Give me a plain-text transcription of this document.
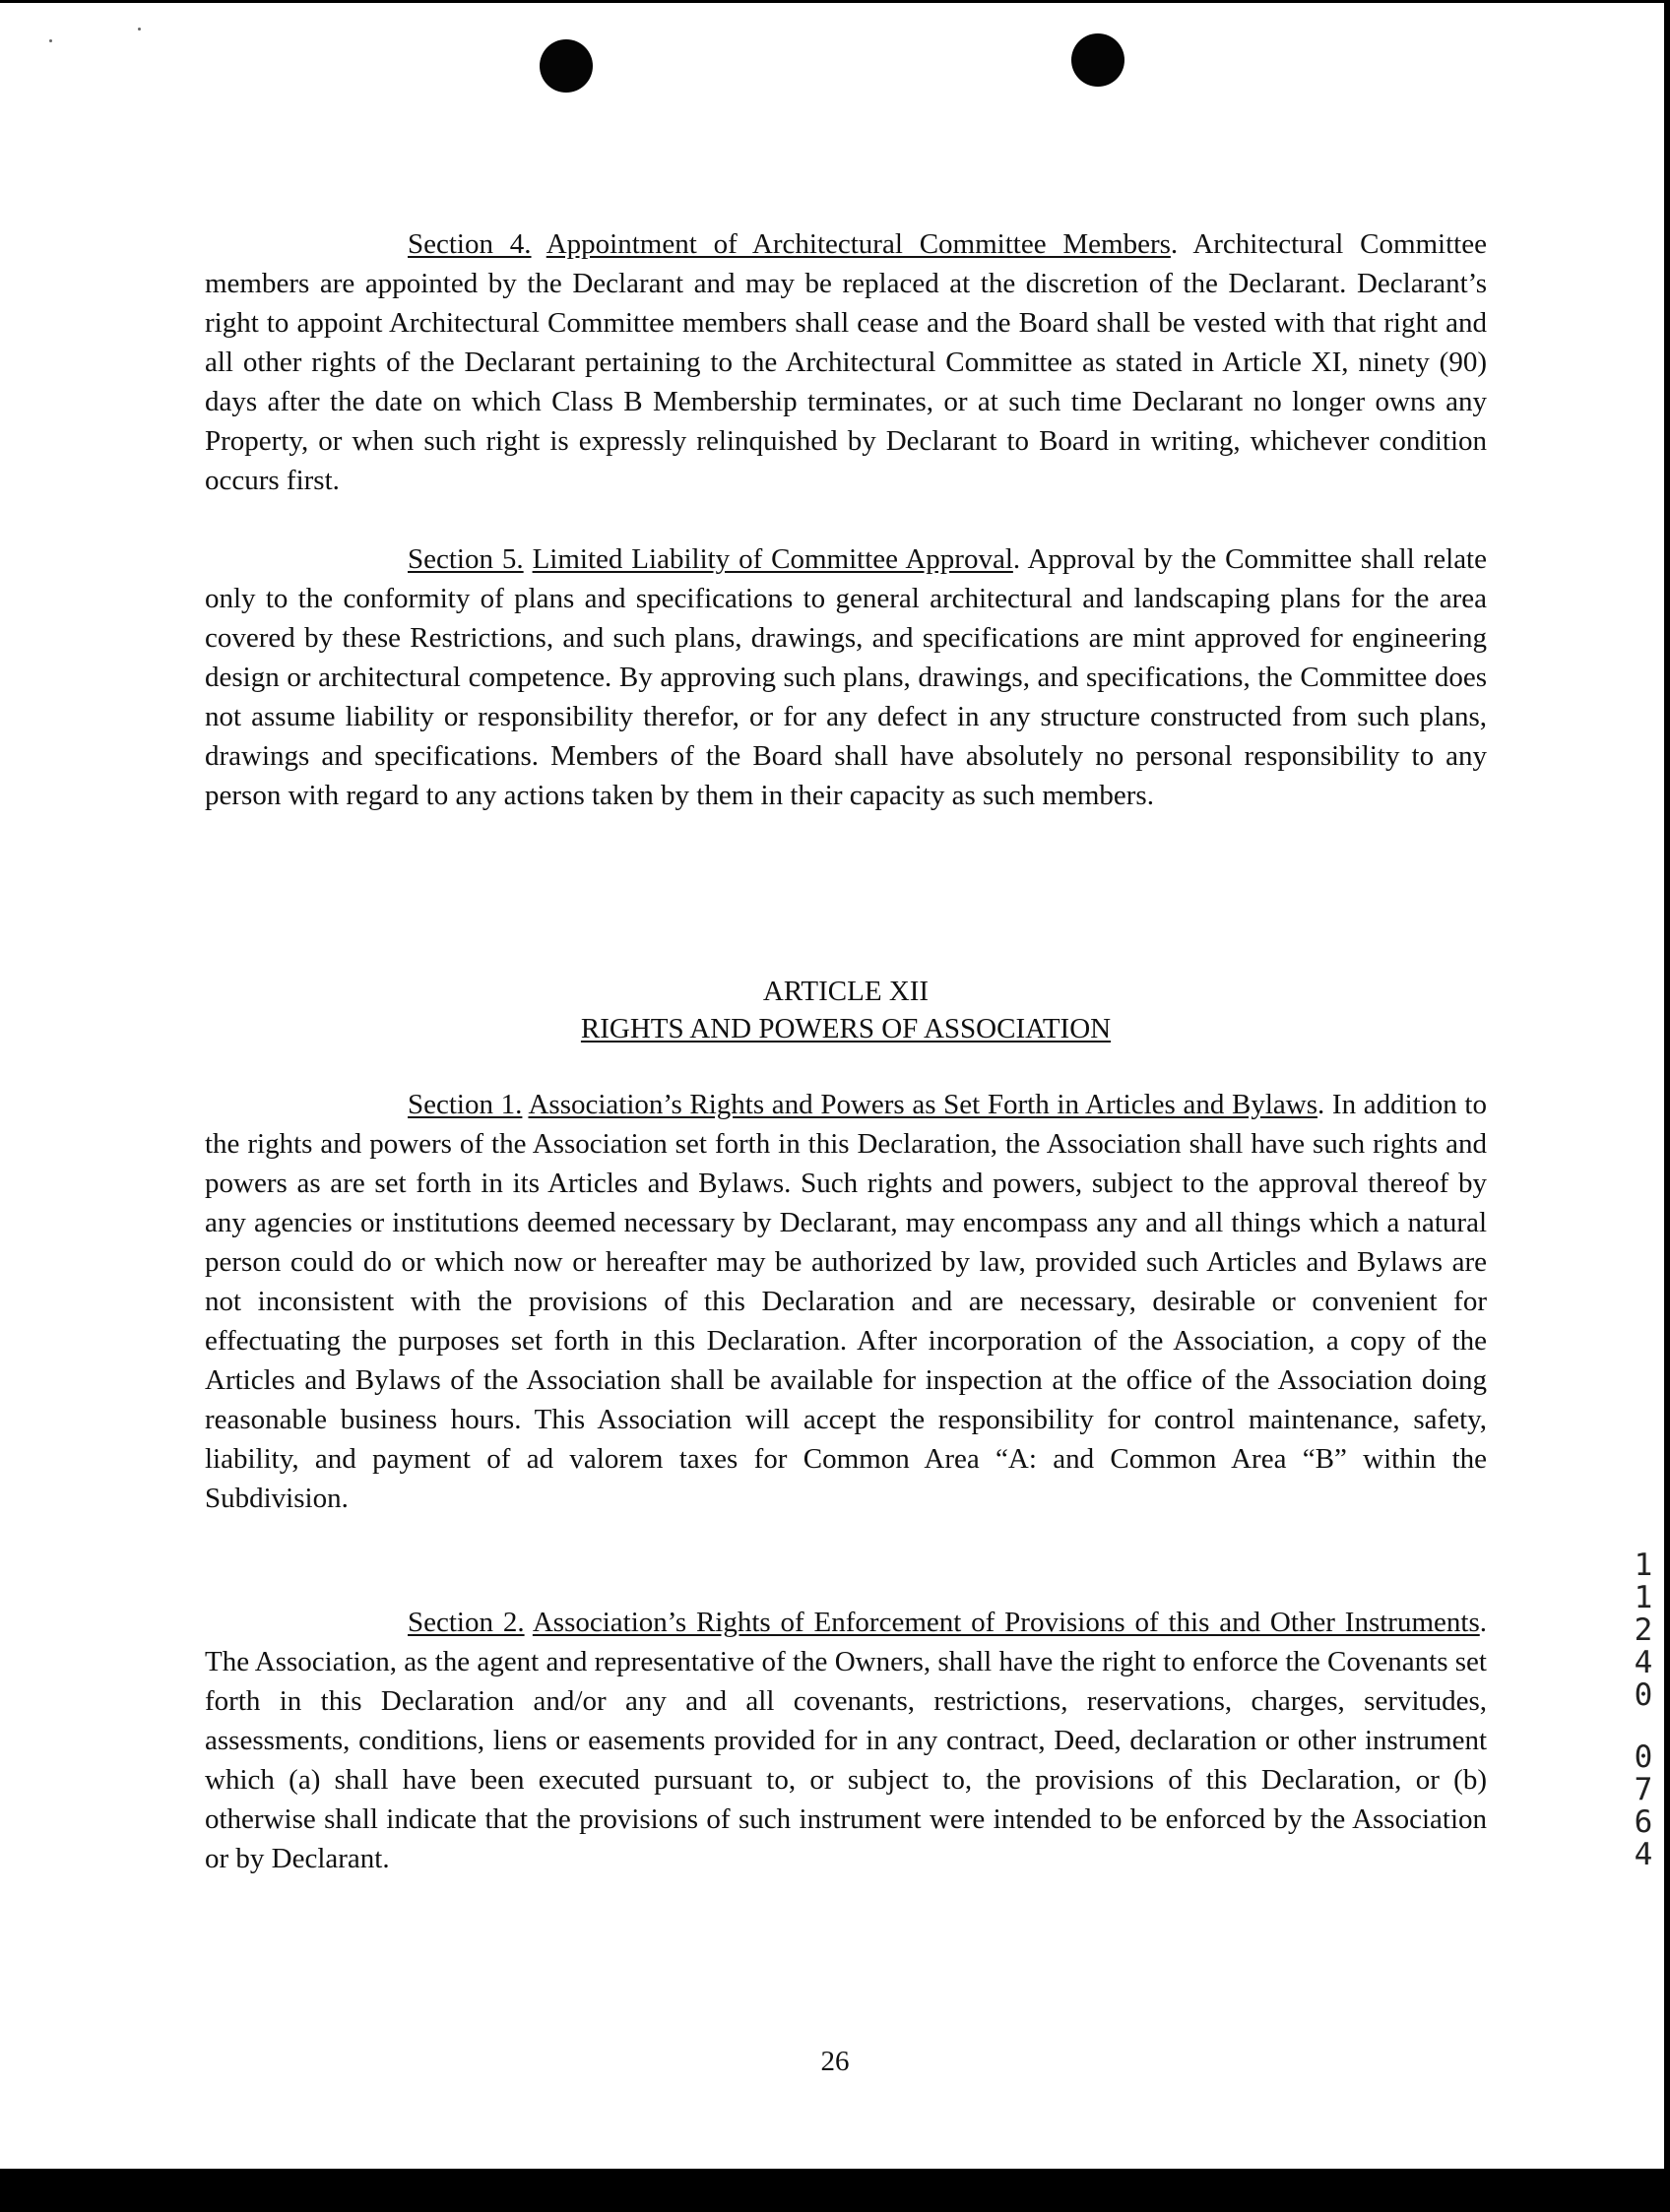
Section 4. Appointment of Architectural Committee Members. Architectural Committee members are appointed by the Declarant and may be replaced at the discretion of the Declarant. Declarant’s right to appoint Architectural Committee members shall cease and the Board shall be vested with that right and all other rights of the Declarant pertaining to the Architectural Committee as stated in Article XI, ninety (90) days after the date on which Class B Membership terminates, or at such time Declarant no longer owns any Property, or when such right is expressly relinquished by Declarant to Board in writing, whichever condition occurs first.

Section 5. Limited Liability of Committee Approval. Approval by the Committee shall relate only to the conformity of plans and specifications to general architectural and landscaping plans for the area covered by these Restrictions, and such plans, drawings, and specifications are mint approved for engineering design or architectural competence. By approving such plans, drawings, and specifications, the Committee does not assume liability or responsibility therefor, or for any defect in any structure constructed from such plans, drawings and specifications. Members of the Board shall have absolutely no personal responsibility to any person with regard to any actions taken by them in their capacity as such members.

ARTICLE XII
RIGHTS AND POWERS OF ASSOCIATION

Section 1. Association’s Rights and Powers as Set Forth in Articles and Bylaws. In addition to the rights and powers of the Association set forth in this Declaration, the Association shall have such rights and powers as are set forth in its Articles and Bylaws. Such rights and powers, subject to the approval thereof by any agencies or institutions deemed necessary by Declarant, may encompass any and all things which a natural person could do or which now or hereafter may be authorized by law, provided such Articles and Bylaws are not inconsistent with the provisions of this Declaration and are necessary, desirable or convenient for effectuating the purposes set forth in this Declaration. After incorporation of the Association, a copy of the Articles and Bylaws of the Association shall be available for inspection at the office of the Association doing reasonable business hours. This Association will accept the responsibility for control maintenance, safety, liability, and payment of ad valorem taxes for Common Area “A: and Common Area “B” within the Subdivision.

Section 2. Association’s Rights of Enforcement of Provisions of this and Other Instruments. The Association, as the agent and representative of the Owners, shall have the right to enforce the Covenants set forth in this Declaration and/or any and all covenants, restrictions, reservations, charges, servitudes, assessments, conditions, liens or easements provided for in any contract, Deed, declaration or other instrument which (a) shall have been executed pursuant to, or subject to, the provisions of this Declaration, or (b) otherwise shall indicate that the provisions of such instrument were intended to be enforced by the Association or by Declarant.

26
1
1
2
4
0
0
7
6
4
